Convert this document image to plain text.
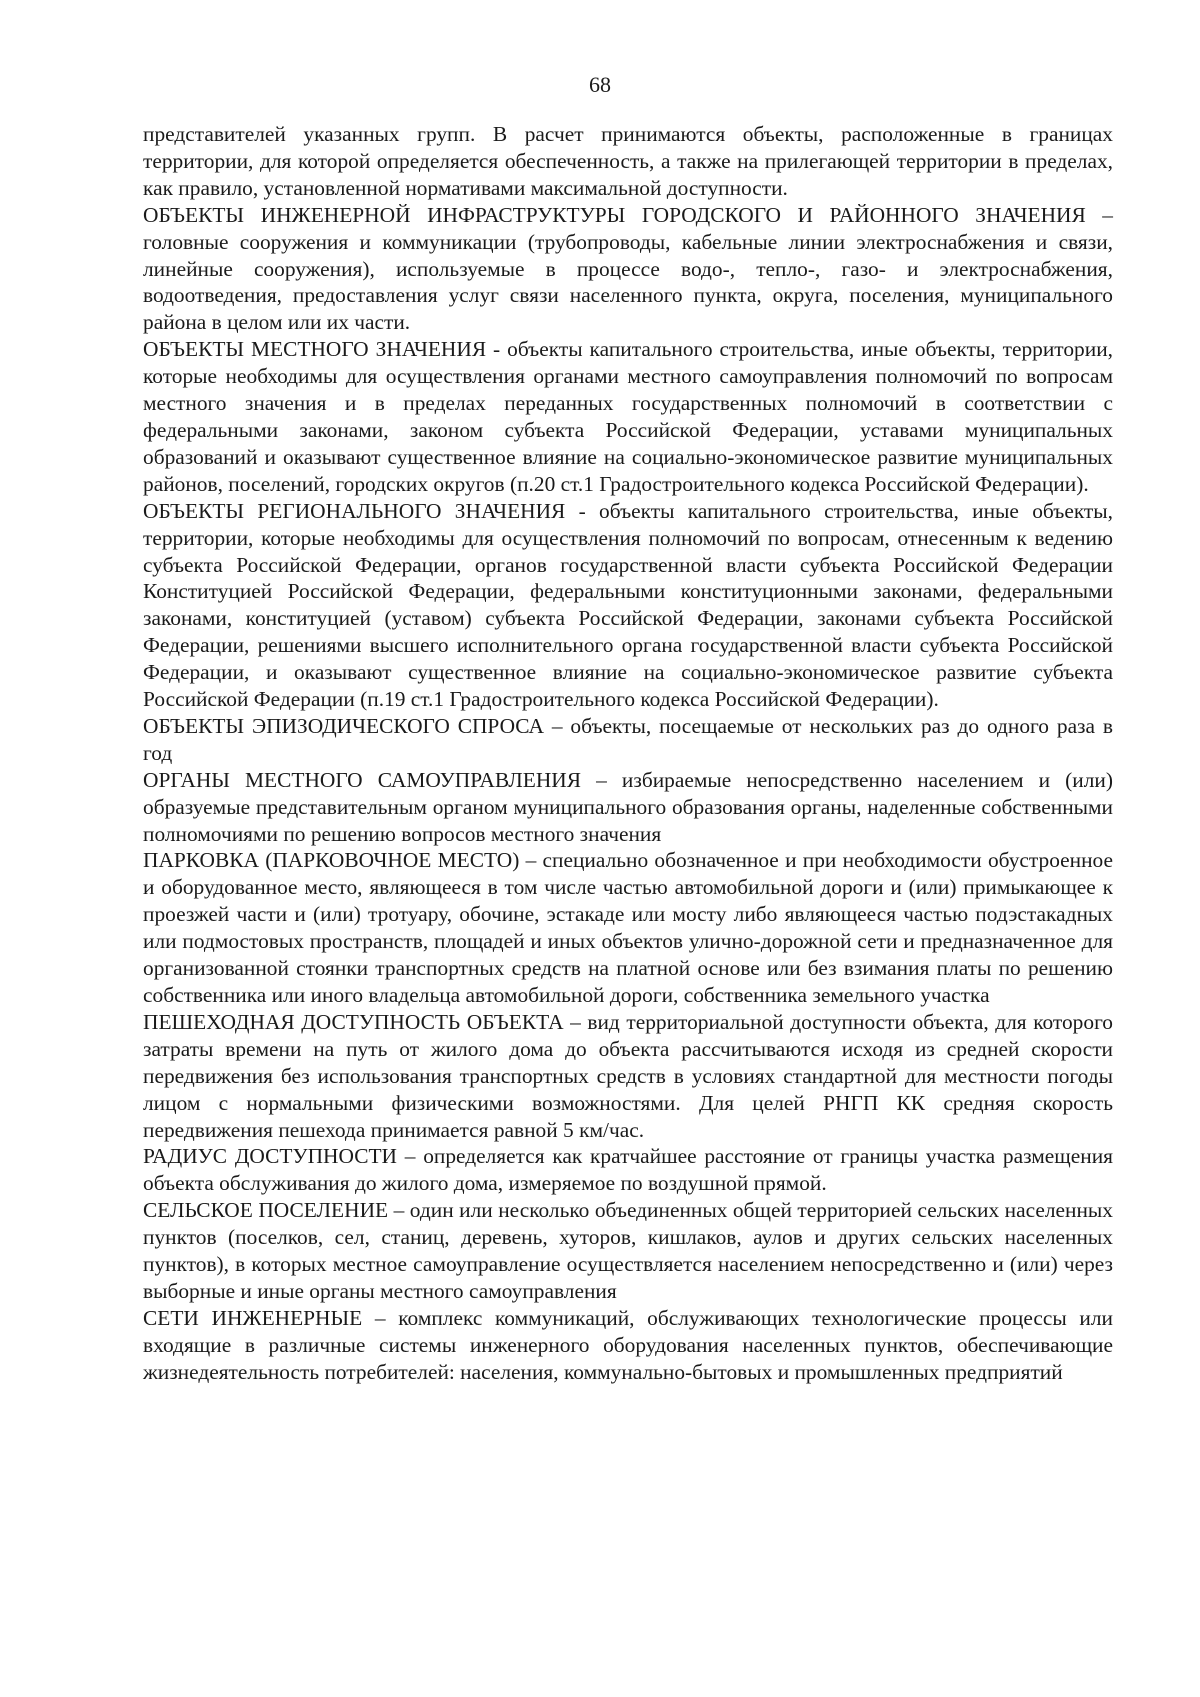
68

представителей указанных групп. В расчет принимаются объекты, расположенные в границах территории, для которой определяется обеспеченность, а также на прилегающей территории в пределах, как правило, установленной нормативами максимальной доступности.

ОБЪЕКТЫ ИНЖЕНЕРНОЙ ИНФРАСТРУКТУРЫ ГОРОДСКОГО И РАЙОННОГО ЗНАЧЕНИЯ – головные сооружения и коммуникации (трубопроводы, кабельные линии электроснабжения и связи, линейные сооружения), используемые в процессе водо-, тепло-, газо- и электроснабжения, водоотведения, предоставления услуг связи населенного пункта, округа, поселения, муниципального района в целом или их части.

ОБЪЕКТЫ МЕСТНОГО ЗНАЧЕНИЯ - объекты капитального строительства, иные объекты, территории, которые необходимы для осуществления органами местного самоуправления полномочий по вопросам местного значения и в пределах переданных государственных полномочий в соответствии с федеральными законами, законом субъекта Российской Федерации, уставами муниципальных образований и оказывают существенное влияние на социально-экономическое развитие муниципальных районов, поселений, городских округов (п.20 ст.1 Градостроительного кодекса Российской Федерации).

ОБЪЕКТЫ РЕГИОНАЛЬНОГО ЗНАЧЕНИЯ - объекты капитального строительства, иные объекты, территории, которые необходимы для осуществления полномочий по вопросам, отнесенным к ведению субъекта Российской Федерации, органов государственной власти субъекта Российской Федерации Конституцией Российской Федерации, федеральными конституционными законами, федеральными законами, конституцией (уставом) субъекта Российской Федерации, законами субъекта Российской Федерации, решениями высшего исполнительного органа государственной власти субъекта Российской Федерации, и оказывают существенное влияние на социально-экономическое развитие субъекта Российской Федерации (п.19 ст.1 Градостроительного кодекса Российской Федерации).

ОБЪЕКТЫ ЭПИЗОДИЧЕСКОГО СПРОСА – объекты, посещаемые от нескольких раз до одного раза в год

ОРГАНЫ МЕСТНОГО САМОУПРАВЛЕНИЯ – избираемые непосредственно населением и (или) образуемые представительным органом муниципального образования органы, наделенные собственными полномочиями по решению вопросов местного значения

ПАРКОВКА (ПАРКОВОЧНОЕ МЕСТО) – специально обозначенное и при необходимости обустроенное и оборудованное место, являющееся в том числе частью автомобильной дороги и (или) примыкающее к проезжей части и (или) тротуару, обочине, эстакаде или мосту либо являющееся частью подэстакадных или подмостовых пространств, площадей и иных объектов улично-дорожной сети и предназначенное для организованной стоянки транспортных средств на платной основе или без взимания платы по решению собственника или иного владельца автомобильной дороги, собственника земельного участка

ПЕШЕХОДНАЯ ДОСТУПНОСТЬ ОБЪЕКТА – вид территориальной доступности объекта, для которого затраты времени на путь от жилого дома до объекта рассчитываются исходя из средней скорости передвижения без использования транспортных средств в условиях стандартной для местности погоды лицом с нормальными физическими возможностями. Для целей РНГП КК средняя скорость передвижения пешехода принимается равной 5 км/час.

РАДИУС ДОСТУПНОСТИ – определяется как кратчайшее расстояние от границы участка размещения объекта обслуживания до жилого дома, измеряемое по воздушной прямой.

СЕЛЬСКОЕ ПОСЕЛЕНИЕ – один или несколько объединенных общей территорией сельских населенных пунктов (поселков, сел, станиц, деревень, хуторов, кишлаков, аулов и других сельских населенных пунктов), в которых местное самоуправление осуществляется населением непосредственно и (или) через выборные и иные органы местного самоуправления

СЕТИ ИНЖЕНЕРНЫЕ – комплекс коммуникаций, обслуживающих технологические процессы или входящие в различные системы инженерного оборудования населенных пунктов, обеспечивающие жизнедеятельность потребителей: населения, коммунально-бытовых и промышленных предприятий
